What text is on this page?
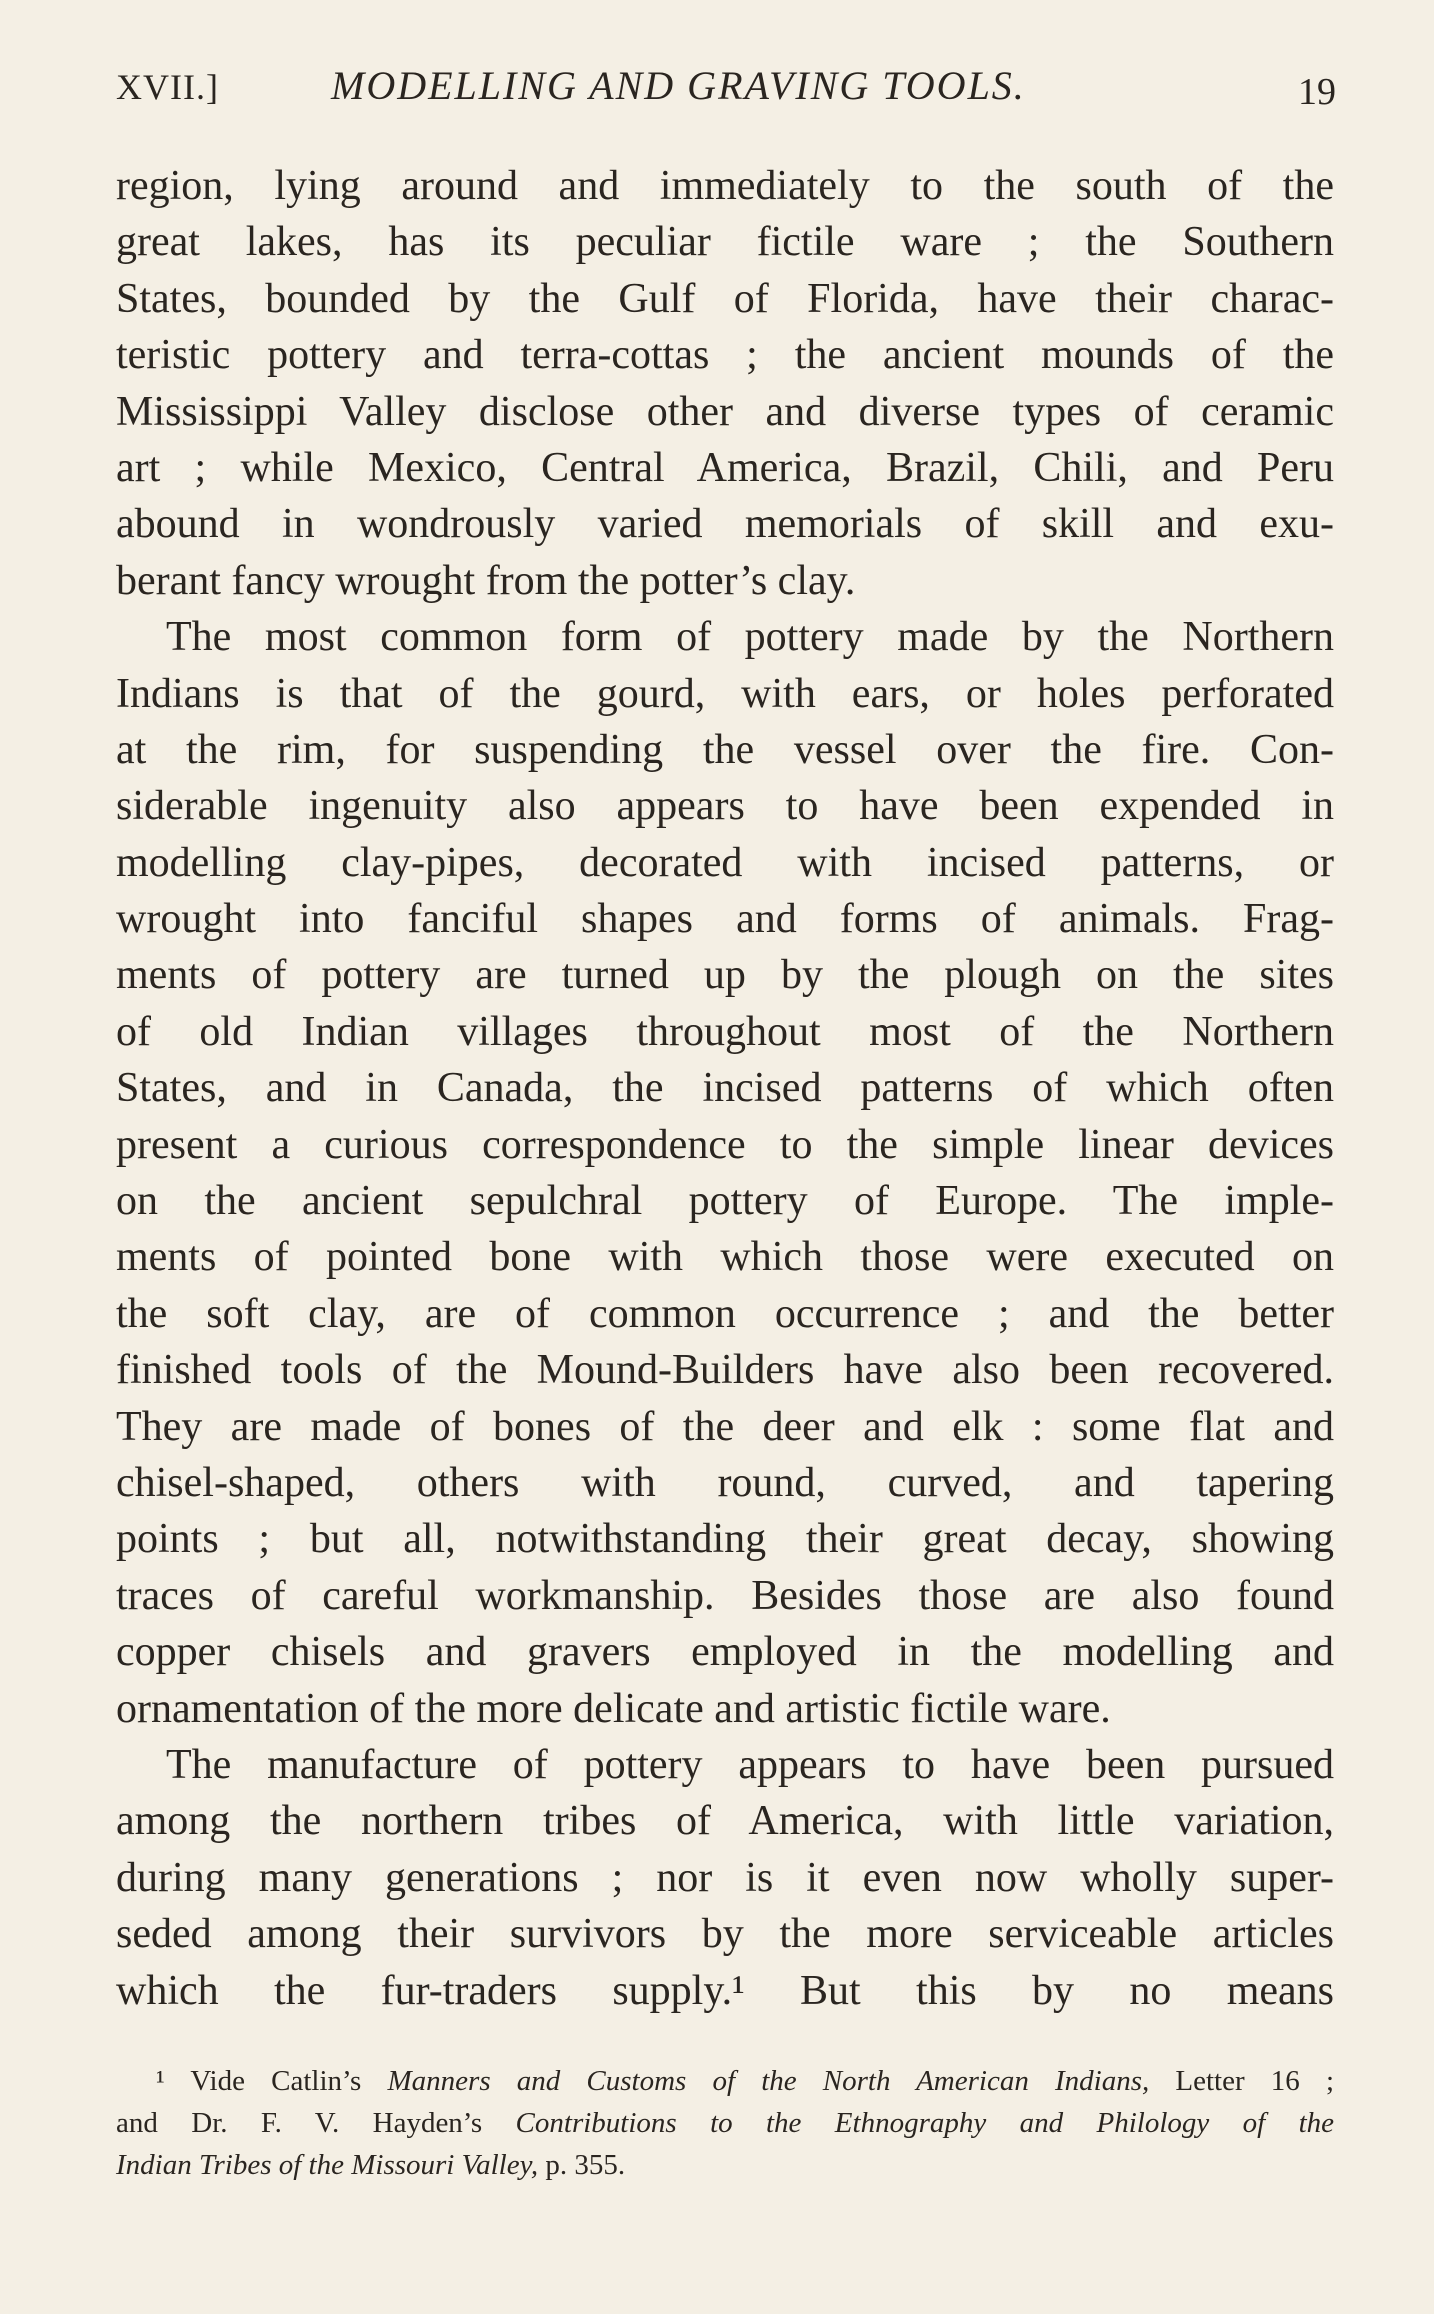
XVII.]	MODELLING AND GRAVING TOOLS.	19
region, lying around and immediately to the south of the
great lakes, has its peculiar fictile ware ; the Southern
States, bounded by the Gulf of Florida, have their charac-
teristic pottery and terra-cottas ; the ancient mounds of the
Mississippi Valley disclose other and diverse types of ceramic
art ; while Mexico, Central America, Brazil, Chili, and Peru
abound in wondrously varied memorials of skill and exu-
berant fancy wrought from the potter’s clay.
The most common form of pottery made by the Northern
Indians is that of the gourd, with ears, or holes perforated
at the rim, for suspending the vessel over the fire. Con-
siderable ingenuity also appears to have been expended in
modelling clay-pipes, decorated with incised patterns, or
wrought into fanciful shapes and forms of animals. Frag-
ments of pottery are turned up by the plough on the sites
of old Indian villages throughout most of the Northern
States, and in Canada, the incised patterns of which often
present a curious correspondence to the simple linear devices
on the ancient sepulchral pottery of Europe. The imple-
ments of pointed bone with which those were executed on
the soft clay, are of common occurrence ; and the better
finished tools of the Mound-Builders have also been recovered.
They are made of bones of the deer and elk : some flat and
chisel-shaped, others with round, curved, and tapering
points ; but all, notwithstanding their great decay, showing
traces of careful workmanship. Besides those are also found
copper chisels and gravers employed in the modelling and
ornamentation of the more delicate and artistic fictile ware.
The manufacture of pottery appears to have been pursued
among the northern tribes of America, with little variation,
during many generations ; nor is it even now wholly super-
seded among their survivors by the more serviceable articles
which the fur-traders supply.¹ But this by no means
¹ Vide Catlin’s Manners and Customs of the North American Indians, Letter 16 ;
and Dr. F. V. Hayden’s Contributions to the Ethnography and Philology of the
Indian Tribes of the Missouri Valley, p. 355.
